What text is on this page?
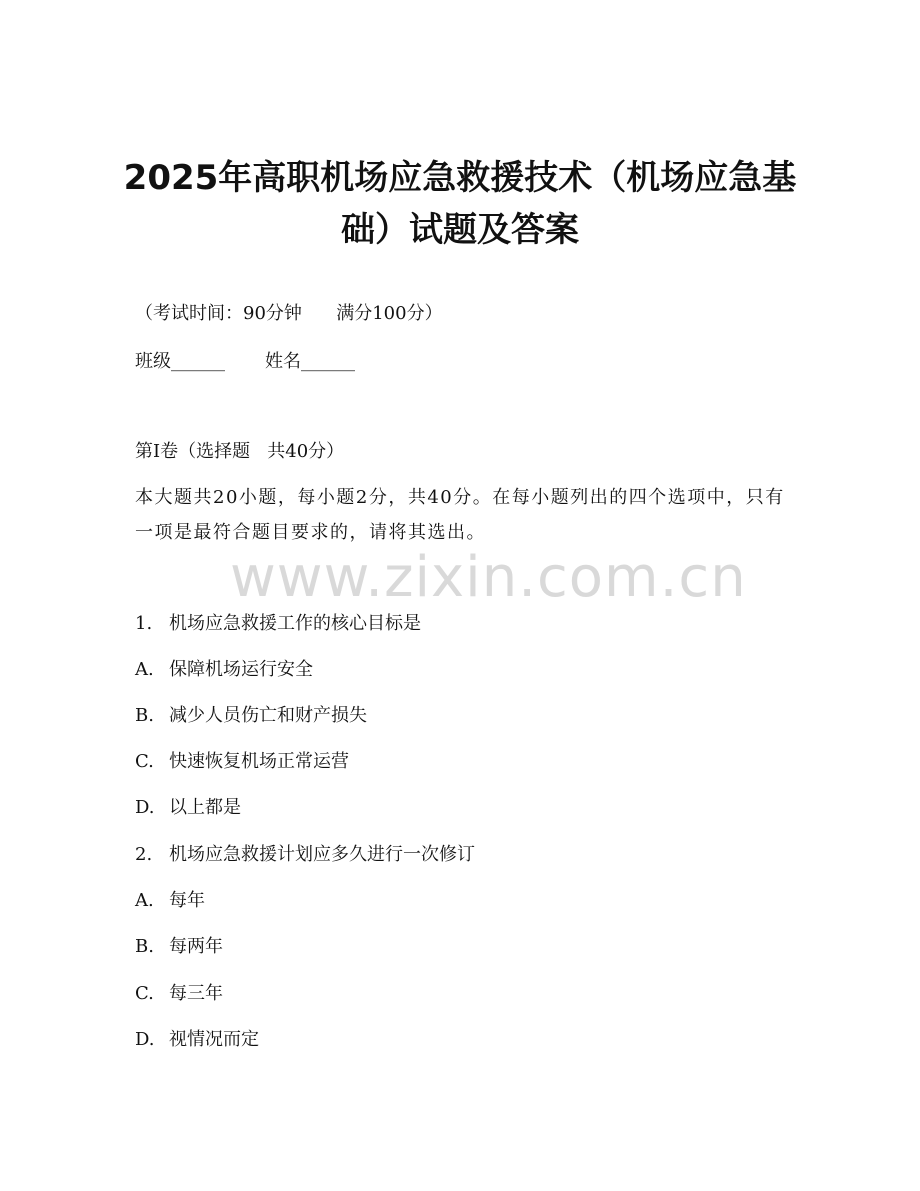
2025年高职机场应急救援技术（机场应急基础）试题及答案

（考试时间：90分钟      满分100分）

班级______       姓名______

第I卷（选择题   共40分）

本大题共20小题，每小题2分，共40分。在每小题列出的四个选项中，只有一项是最符合题目要求的，请将其选出。

www.zixin.com.cn

1. 机场应急救援工作的核心目标是

A. 保障机场运行安全

B. 减少人员伤亡和财产损失

C. 快速恢复机场正常运营

D. 以上都是

2. 机场应急救援计划应多久进行一次修订

A. 每年

B. 每两年

C. 每三年

D. 视情况而定
